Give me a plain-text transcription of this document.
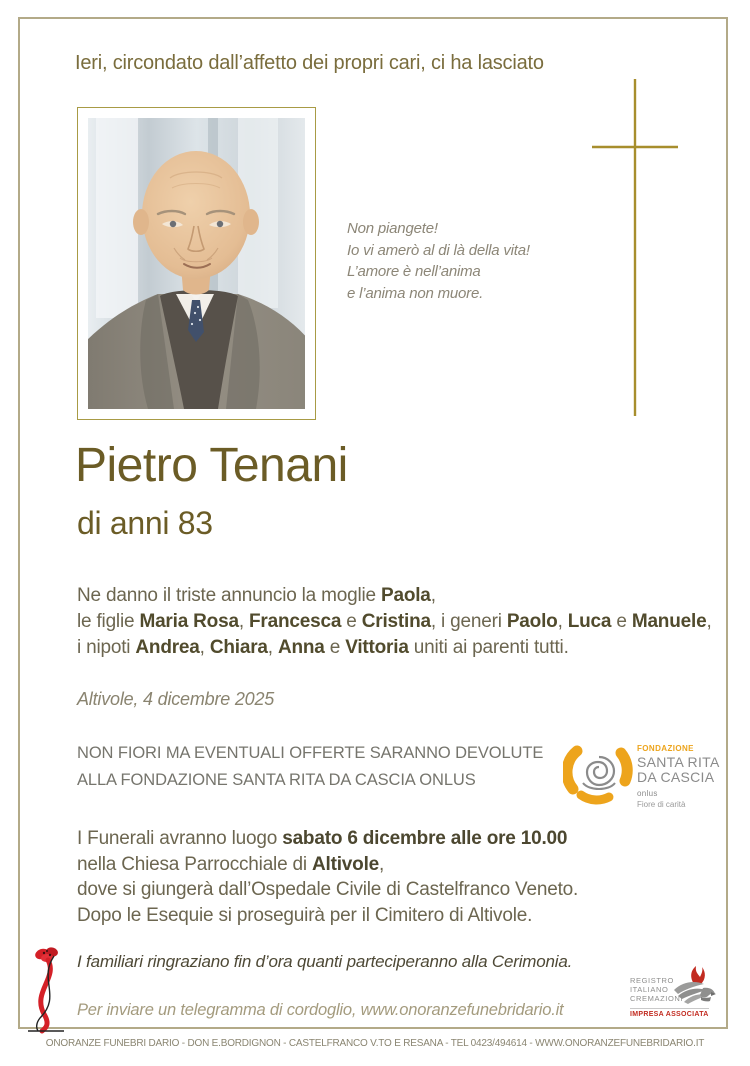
Ieri, circondato dall’affetto dei propri cari, ci ha lasciato
Non piangete!
Io vi amerò al di là della vita!
L’amore è nell’anima
e l’anima non muore.
Pietro Tenani
di anni 83
Ne danno il triste annuncio la moglie Paola,
le figlie Maria Rosa, Francesca e Cristina, i generi Paolo, Luca e Manuele,
i nipoti Andrea, Chiara, Anna e Vittoria uniti ai parenti tutti.
Altivole, 4 dicembre 2025
NON FIORI MA EVENTUALI OFFERTE SARANNO DEVOLUTE
ALLA FONDAZIONE SANTA RITA DA CASCIA ONLUS
FONDAZIONE
SANTA RITA
DA CASCIA onlus
Fiore di carità
I Funerali avranno luogo sabato 6 dicembre alle ore 10.00
nella Chiesa Parrocchiale di Altivole,
dove si giungerà dall’Ospedale Civile di Castelfranco Veneto.
Dopo le Esequie si proseguirà per il Cimitero di Altivole.
I familiari ringraziano fin d’ora quanti parteciperanno alla Cerimonia.
Per inviare un telegramma di cordoglio, www.onoranzefunebridario.it
REGISTRO
ITALIANO
CREMAZIONI
IMPRESA ASSOCIATA
ONORANZE FUNEBRI DARIO - DON E.BORDIGNON - CASTELFRANCO V.TO E RESANA - TEL 0423/494614 - WWW.ONORANZEFUNEBRIDARIO.IT
